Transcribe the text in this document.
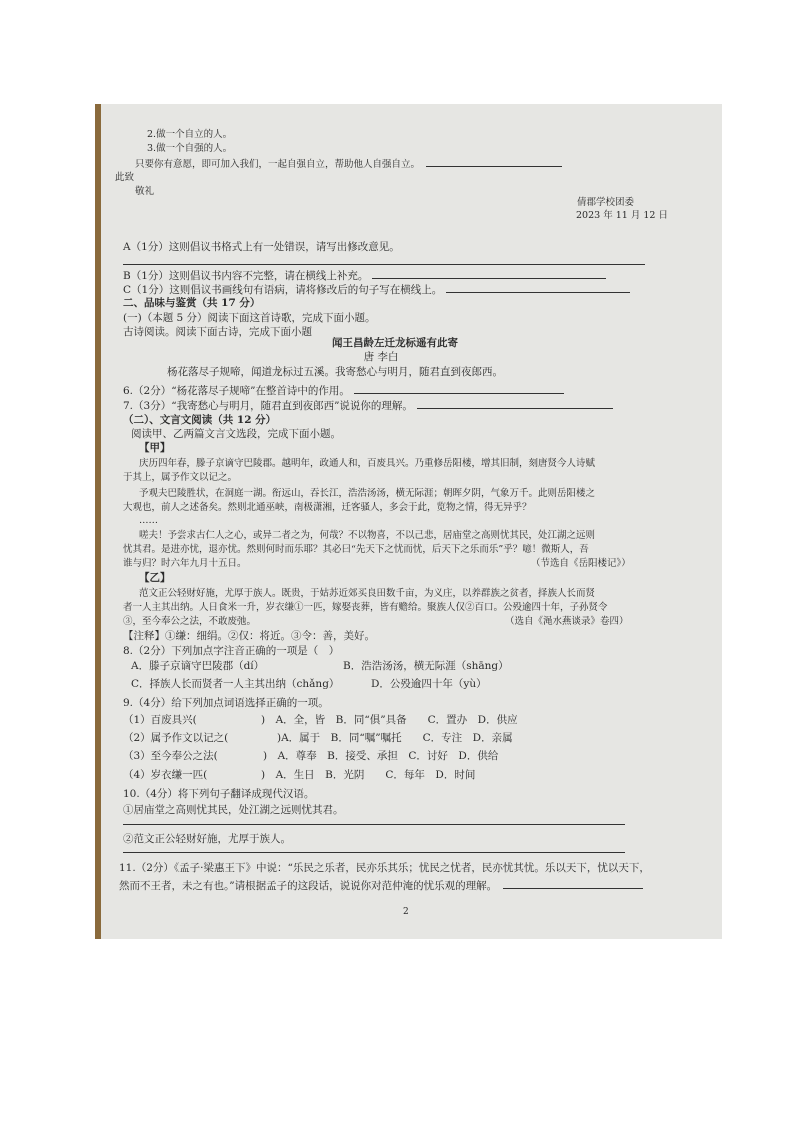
2.做一个自立的人。
3.做一个自强的人。
只要你有意愿，即可加入我们，一起自强自立，帮助他人自强自立。
此致
敬礼
倩郡学校团委
2023 年 11 月 12 日
A（1分）这则倡议书格式上有一处错误，请写出修改意见。
B（1分）这则倡议书内容不完整，请在横线上补充。
C（1分）这则倡议书画线句有语病，请将修改后的句子写在横线上。
二、品味与鉴赏（共 17 分）
(一)（本题 5 分）阅读下面这首诗歌，完成下面小题。
古诗阅读。阅读下面古诗，完成下面小题
闻王昌龄左迁龙标遥有此寄
唐 李白
杨花落尽子规啼，闻道龙标过五溪。我寄愁心与明月，随君直到夜郎西。
6.（2分）“杨花落尽子规啼”在整首诗中的作用。
7.（3分）“我寄愁心与明月，随君直到夜郎西”说说你的理解。
（二）、文言文阅读（共 12 分）
阅读甲、乙两篇文言文选段，完成下面小题。
【甲】
庆历四年春，滕子京谪守巴陵郡。越明年，政通人和，百废具兴。乃重修岳阳楼，增其旧制，刻唐贤今人诗赋
于其上，属予作文以记之。
予观夫巴陵胜状，在洞庭一湖。衔远山，吞长江，浩浩汤汤，横无际涯；朝晖夕阴，气象万千。此则岳阳楼之
大观也，前人之述备矣。然则北通巫峡，南极潇湘，迁客骚人，多会于此，览物之情，得无异乎？
……
嗟夫！予尝求古仁人之心，或异二者之为，何哉？不以物喜，不以己悲，居庙堂之高则忧其民，处江湖之远则
忧其君。是进亦忧，退亦忧。然则何时而乐耶？其必曰“先天下之忧而忧，后天下之乐而乐”乎？噫！微斯人，吾
谁与归？时六年九月十五日。	（节选自《岳阳楼记》）
【乙】
范文正公轻财好施，尤厚于族人。既贵，于姑苏近郊买良田数千亩，为义庄，以养群族之贫者，择族人长而贤
者一人主其出纳。人日食米一升，岁衣缣①一匹，嫁娶丧葬，皆有赡给。聚族人仅②百口。公殁逾四十年，子孙贤令
③，至今奉公之法，不敢废弛。	（选自《渑水燕谈录》卷四）
【注释】①缣：细绢。②仅：将近。③令：善，美好。
8.（2分）下列加点字注音正确的一项是（　）
A．滕子京谪守巴陵郡（dí）	B．浩浩汤汤，横无际涯（shāng）
C．择族人长而贤者一人主其出纳（chǎng）	D．公殁逾四十年（yù）
9.（4分）给下列加点词语选择正确的一项。
（1）百废具兴(	)　A．全，皆　B．同“俱”具备　　C．置办　D．供应
（2）属予作文以记之(	)A．属于　B．同“嘱”嘱托　　C．专注　D．亲属
（3）至今奉公之法(	)　A．尊奉　B．接受、承担　C．讨好　D．供给
（4）岁衣缣一匹(	)　A．生日　B．光阴　　C．每年　D．时间
10.（4分）将下列句子翻译成现代汉语。
①居庙堂之高则忧其民，处江湖之远则忧其君。
②范文正公轻财好施，尤厚于族人。
11.（2分）《孟子·梁惠王下》中说：“乐民之乐者，民亦乐其乐；忧民之忧者，民亦忧其忧。乐以天下，忧以天下，
然而不王者，未之有也。”请根据孟子的这段话，说说你对范仲淹的忧乐观的理解。
2
